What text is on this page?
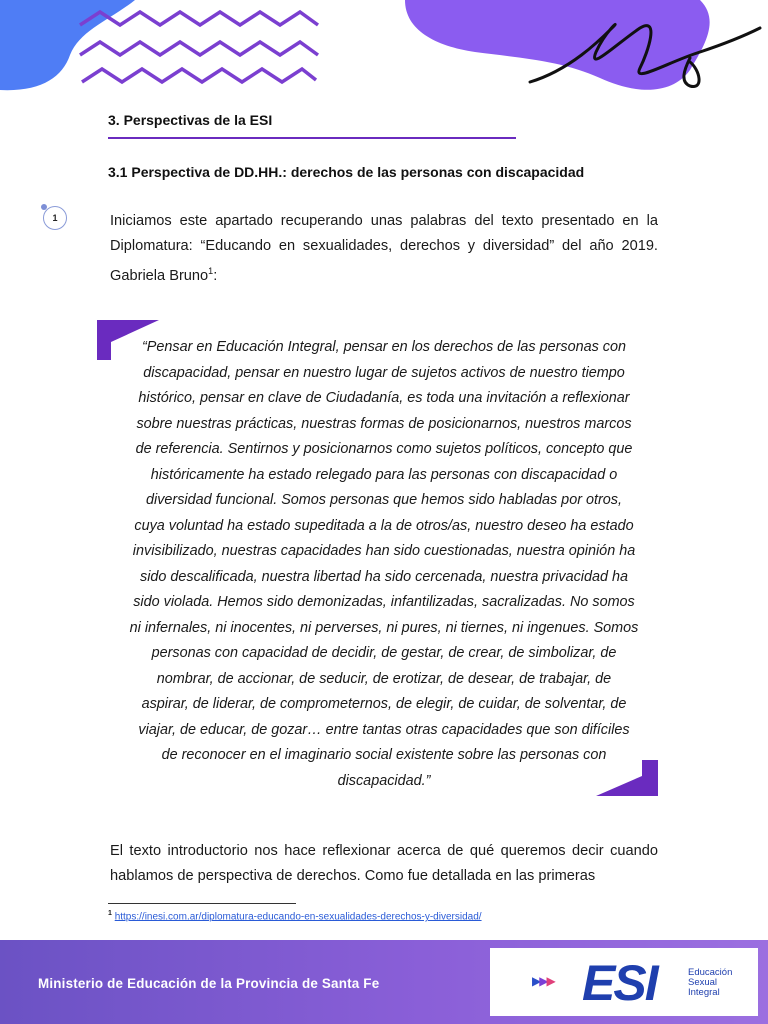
3. Perspectivas de la ESI
3.1 Perspectiva de DD.HH.: derechos de las personas con discapacidad
1	Iniciamos este apartado recuperando unas palabras del texto presentado en la Diplomatura: “Educando en sexualidades, derechos y diversidad” del año 2019. Gabriela Bruno$^1$:

“Pensar en Educación Integral, pensar en los derechos de las personas con
discapacidad, pensar en nuestro lugar de sujetos activos de nuestro tiempo
histórico, pensar en clave de Ciudadanía, es toda una invitación a reflexionar
sobre nuestras prácticas, nuestras formas de posicionarnos, nuestros marcos
de referencia. Sentirnos y posicionarnos como sujetos políticos, concepto que
históricamente ha estado relegado para las personas con discapacidad o
diversidad funcional. Somos personas que hemos sido habladas por otros,
cuya voluntad ha estado supeditada a la de otros/as, nuestro deseo ha estado
invisibilizado, nuestras capacidades han sido cuestionadas, nuestra opinión ha
sido descalificada, nuestra libertad ha sido cercenada, nuestra privacidad ha
sido violada. Hemos sido demonizadas, infantilizadas, sacralizadas. No somos
ni infernales, ni inocentes, ni perverses, ni pures, ni tiernes, ni ingenues. Somos
personas con capacidad de decidir, de gestar, de crear, de simbolizar, de
nombrar, de accionar, de seducir, de erotizar, de desear, de trabajar, de
aspirar, de liderar, de comprometernos, de elegir, de cuidar, de solventar, de
viajar, de educar, de gozar… entre tantas otras capacidades que son difíciles
de reconocer en el imaginario social existente sobre las personas con
discapacidad.”

El texto introductorio nos hace reflexionar acerca de qué queremos decir cuando hablamos de perspectiva de derechos. Como fue detallada en las primeras

$^1$ https://inesi.com.ar/diplomatura-educando-en-sexualidades-derechos-y-diversidad/
Ministerio de Educación de la Provincia de Santa Fe	▶▶▶ ESI	Educación
Sexual
Integral
